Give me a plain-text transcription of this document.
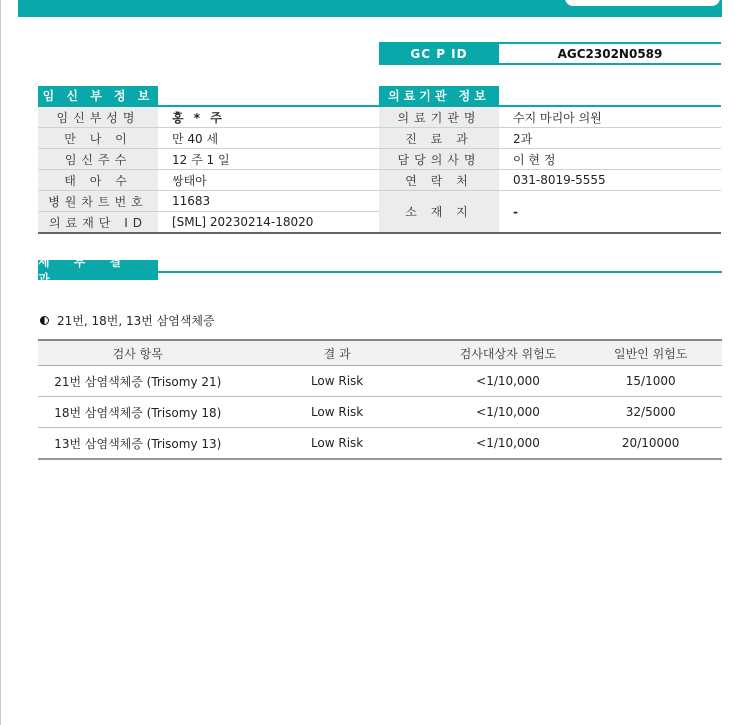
GC P ID	AGC2302N0589
임 신 부 정 보
임신부성명	홍 * 주
만 나 이	만 40 세
임신주수	12 주 1 일
태 아 수	쌍태아
병원차트번호	11683
의료재단 ID	[SML] 20230214-18020
의료기관 정보
의료기관명	수지 마리아 의원
진 료 과	2과
담당의사명	이 현 정
연 락 처	031-8019-5555
소 재 지	-
세 부 결 과
21번, 18번, 13번 삼염색체증
검사 항목	결 과	검사대상자 위험도	일반인 위험도
21번 삼염색체증 (Trisomy 21)	Low Risk	<1/10,000	15/1000
18번 삼염색체증 (Trisomy 18)	Low Risk	<1/10,000	32/5000
13번 삼염색체증 (Trisomy 13)	Low Risk	<1/10,000	20/10000
